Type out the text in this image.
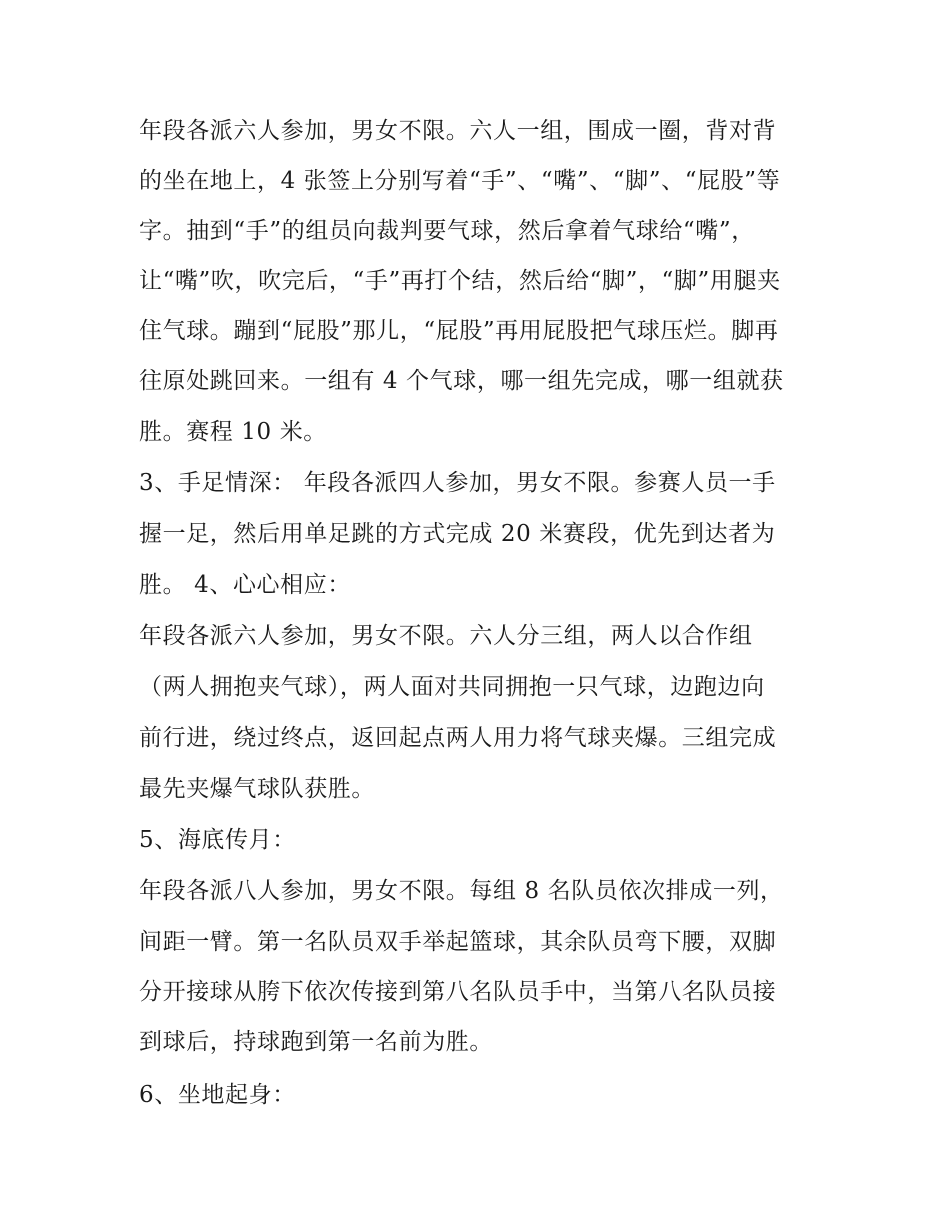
年段各派六人参加，男女不限。六人一组，围成一圈，背对背

的坐在地上，4 张签上分别写着“手”、“嘴”、“脚”、“屁股”等

字。抽到“手”的组员向裁判要气球，然后拿着气球给“嘴”，

让“嘴”吹，吹完后，“手”再打个结，然后给“脚”，“脚”用腿夹

住气球。蹦到“屁股”那儿，“屁股”再用屁股把气球压烂。脚再

往原处跳回来。一组有 4 个气球，哪一组先完成，哪一组就获

胜。赛程 10 米。

3、手足情深： 年段各派四人参加，男女不限。参赛人员一手

握一足，然后用单足跳的方式完成 20 米赛段，优先到达者为

胜。 4、心心相应：

年段各派六人参加，男女不限。六人分三组，两人以合作组

（两人拥抱夹气球），两人面对共同拥抱一只气球，边跑边向

前行进，绕过终点，返回起点两人用力将气球夹爆。三组完成

最先夹爆气球队获胜。

5、海底传月：

年段各派八人参加，男女不限。每组 8 名队员依次排成一列，

间距一臂。第一名队员双手举起篮球，其余队员弯下腰，双脚

分开接球从胯下依次传接到第八名队员手中，当第八名队员接

到球后，持球跑到第一名前为胜。

6、坐地起身：
